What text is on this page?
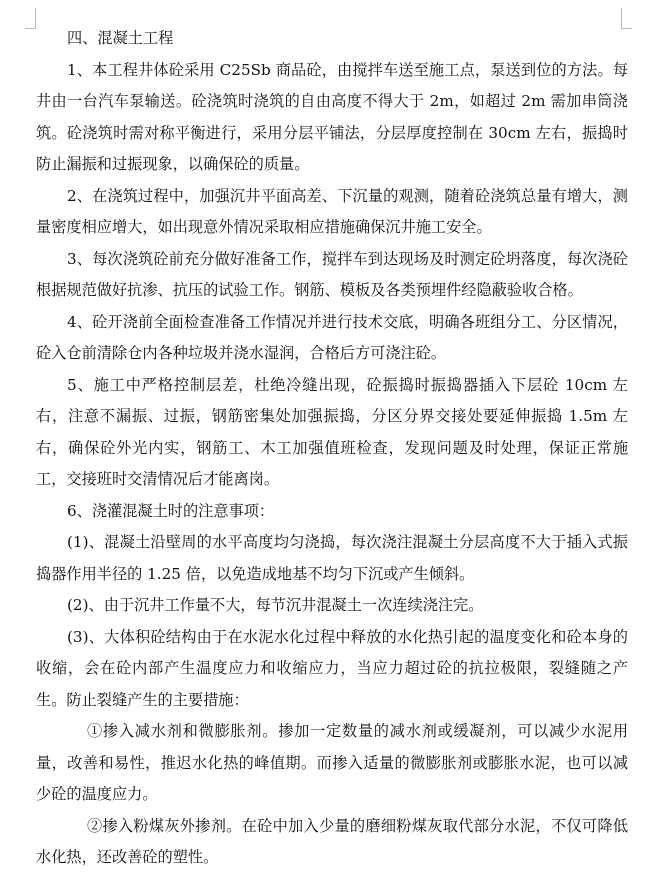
四、混凝土工程

1、本工程井体砼采用 C25Sb 商品砼，由搅拌车送至施工点，泵送到位的方法。每井由一台汽车泵输送。砼浇筑时浇筑的自由高度不得大于 2m，如超过 2m 需加串筒浇筑。砼浇筑时需对称平衡进行，采用分层平铺法，分层厚度控制在 30cm 左右，振捣时防止漏振和过振现象，以确保砼的质量。

2、在浇筑过程中，加强沉井平面高差、下沉量的观测，随着砼浇筑总量有增大，测量密度相应增大，如出现意外情况采取相应措施确保沉井施工安全。

3、每次浇筑砼前充分做好准备工作，搅拌车到达现场及时测定砼坍落度，每次浇砼根据规范做好抗渗、抗压的试验工作。钢筋、模板及各类预埋件经隐蔽验收合格。

4、砼开浇前全面检查准备工作情况并进行技术交底，明确各班组分工、分区情况，砼入仓前清除仓内各种垃圾并浇水湿润，合格后方可浇注砼。

5、施工中严格控制层差，杜绝冷缝出现，砼振捣时振捣器插入下层砼 10cm 左右，注意不漏振、过振，钢筋密集处加强振捣，分区分界交接处要延伸振捣 1.5m 左右，确保砼外光内实，钢筋工、木工加强值班检查，发现问题及时处理，保证正常施工，交接班时交清情况后才能离岗。

6、浇灌混凝土时的注意事项：

(1)、混凝土沿壁周的水平高度均匀浇捣，每次浇注混凝土分层高度不大于插入式振捣器作用半径的 1.25 倍，以免造成地基不均匀下沉或产生倾斜。

(2)、由于沉井工作量不大，每节沉井混凝土一次连续浇注完。

(3)、大体积砼结构由于在水泥水化过程中释放的水化热引起的温度变化和砼本身的收缩，会在砼内部产生温度应力和收缩应力，当应力超过砼的抗拉极限，裂缝随之产生。防止裂缝产生的主要措施：

①掺入减水剂和微膨胀剂。掺加一定数量的减水剂或缓凝剂，可以减少水泥用量，改善和易性，推迟水化热的峰值期。而掺入适量的微膨胀剂或膨胀水泥，也可以减少砼的温度应力。

②掺入粉煤灰外掺剂。在砼中加入少量的磨细粉煤灰取代部分水泥，不仅可降低水化热，还改善砼的塑性。
